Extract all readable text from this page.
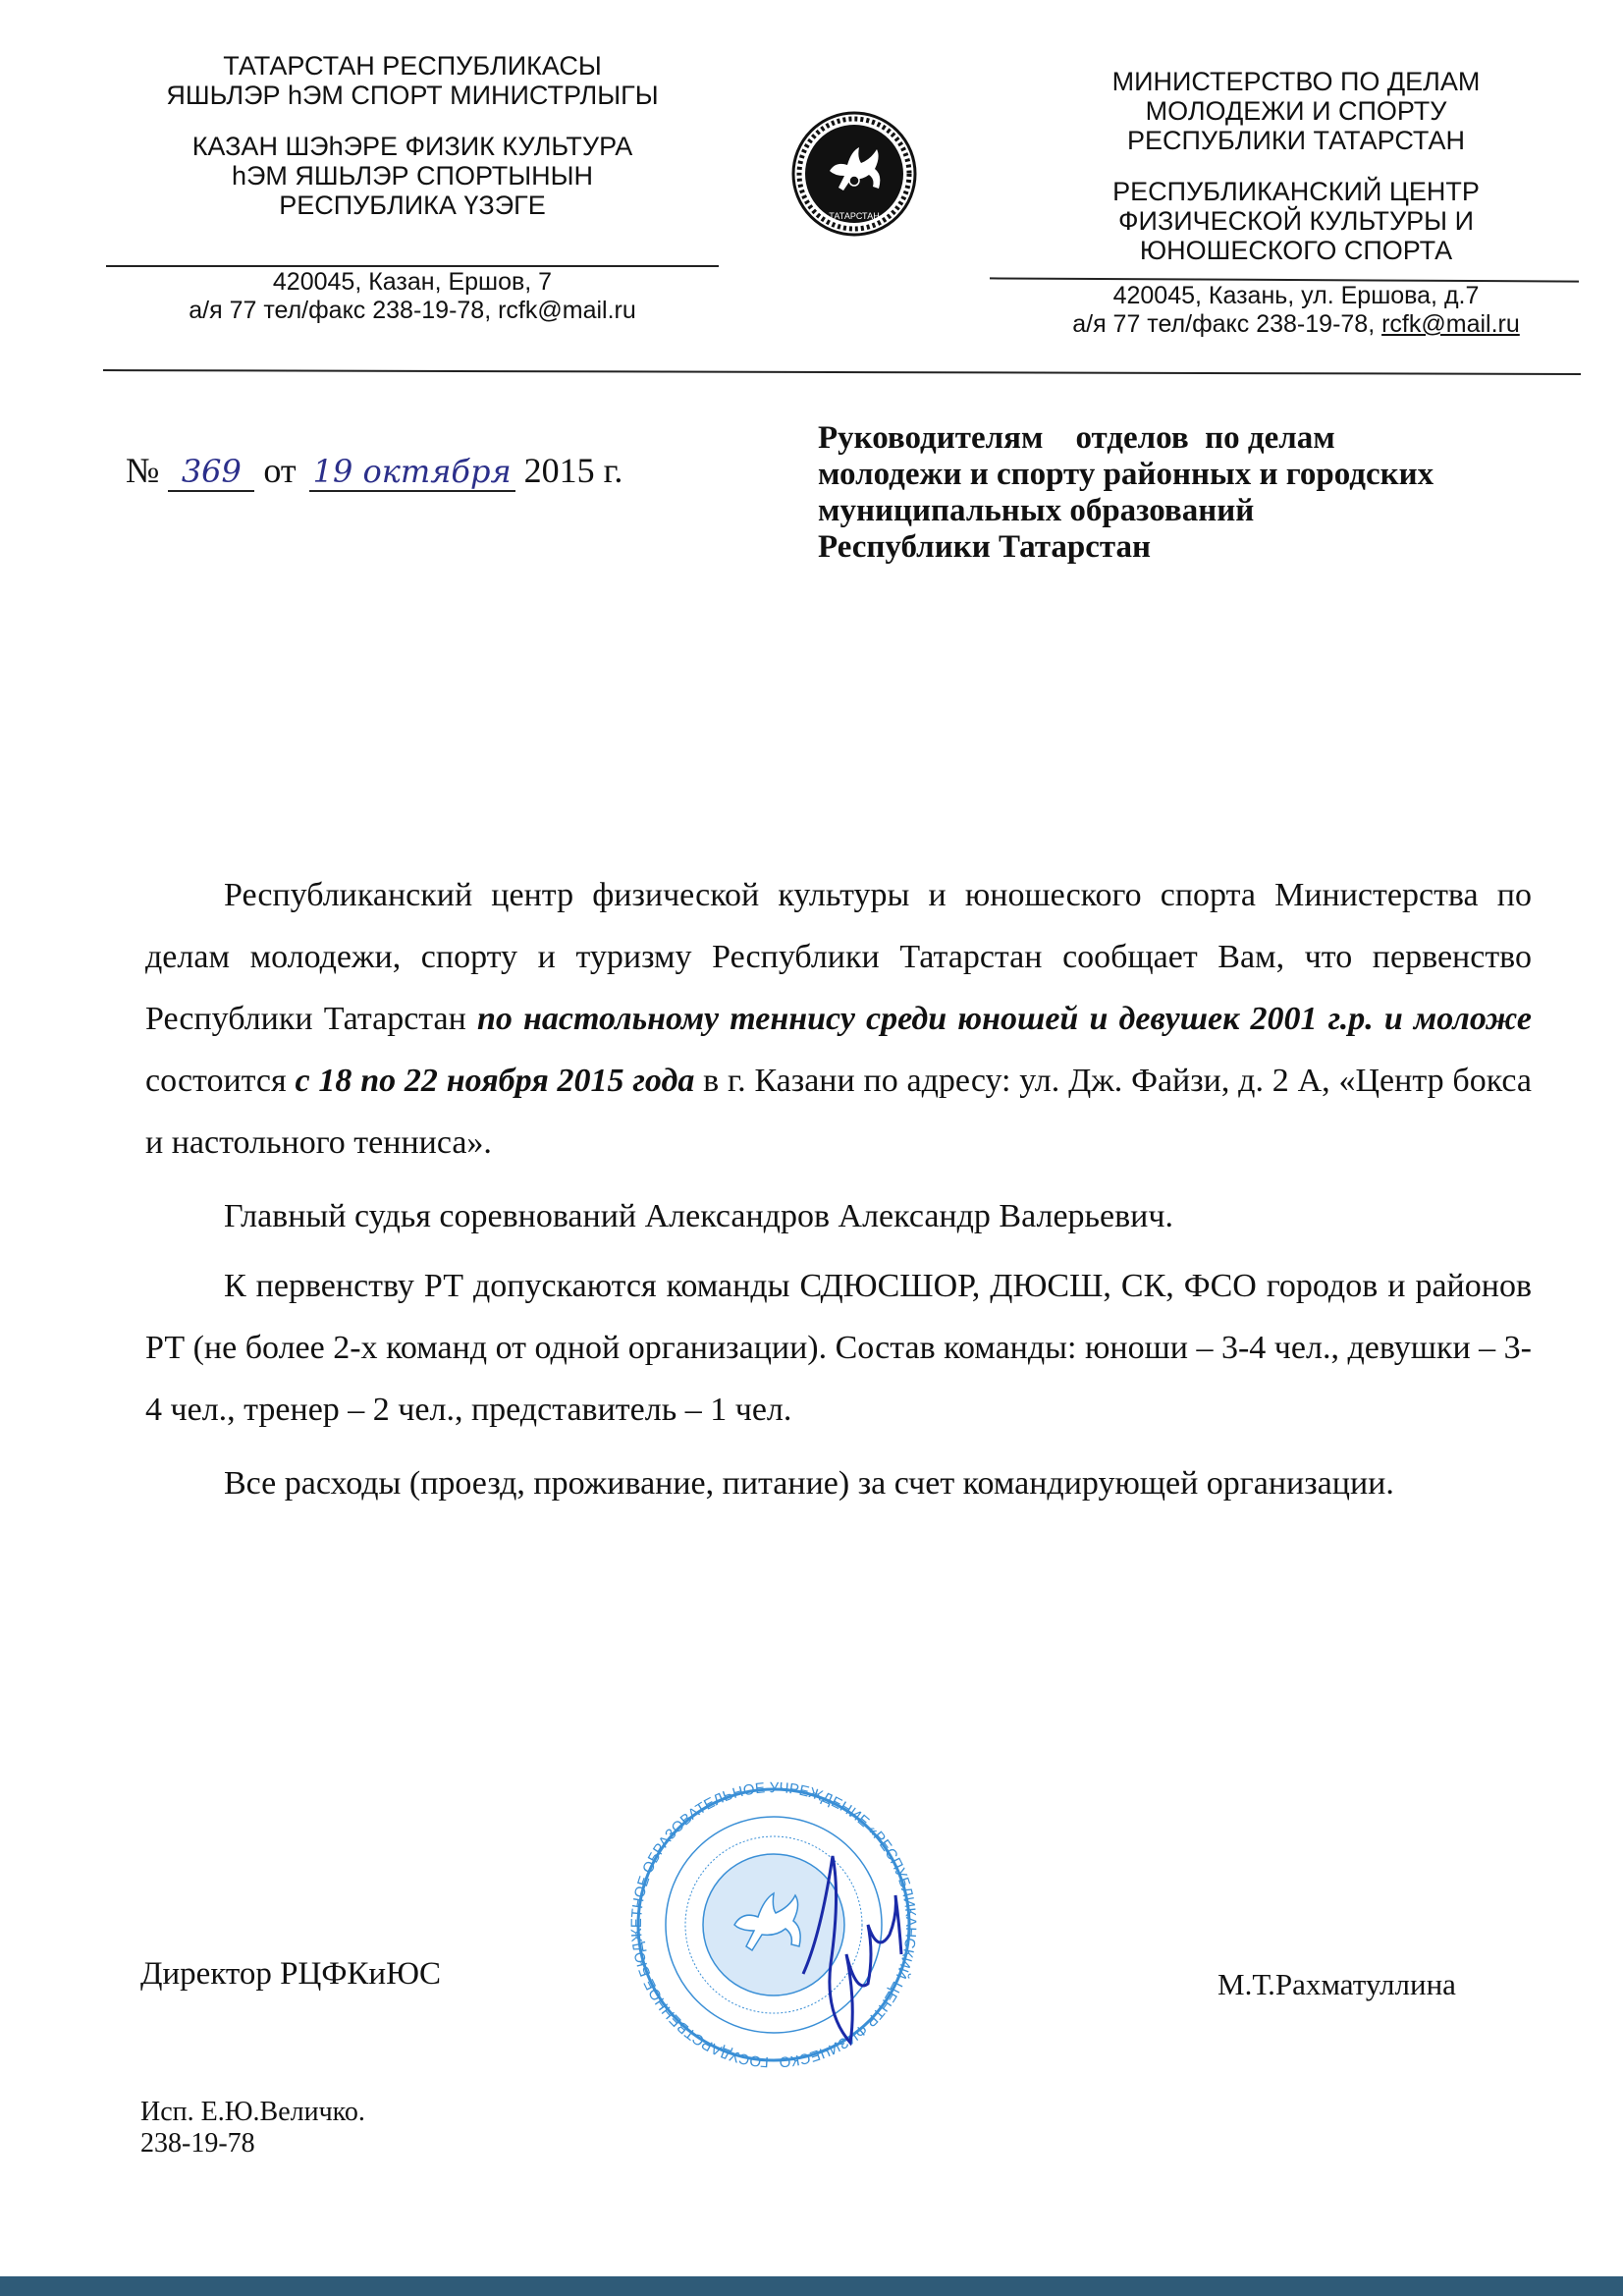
ТАТАРСТАН РЕСПУБЛИКАСЫ
ЯШЬЛЭР hЭМ СПОРТ МИНИСТРЛЫГЫ
КАЗАН ШЭhЭРЕ ФИЗИК КУЛЬТУРА
hЭМ ЯШЬЛЭР СПОРТЫНЫН
РЕСПУБЛИКА ҮЗЭГЕ
420045, Казан, Ершов, 7
а/я 77 тел/факс 238-19-78, rcfk@mail.ru
ТАТАРСТАН
МИНИСТЕРСТВО ПО ДЕЛАМ
МОЛОДЕЖИ И СПОРТУ
РЕСПУБЛИКИ ТАТАРСТАН
РЕСПУБЛИКАНСКИЙ ЦЕНТР
ФИЗИЧЕСКОЙ КУЛЬТУРЫ И
ЮНОШЕСКОГО СПОРТА
420045, Казань, ул. Ершова, д.7
а/я 77 тел/факс 238-19-78, rcfk@mail.ru
№ 369 от 19 октября 2015 г.
Руководителям    отделов  по делам
молодежи и спорту районных и городских
муниципальных образований
Республики Татарстан

Республиканский центр физической культуры и юношеского спорта Министерства по делам молодежи, спорту и туризму Республики Татарстан сообщает Вам, что первенство Республики Татарстан по настольному теннису среди юношей и девушек 2001 г.р. и моложе состоится с 18 по 22 ноября 2015 года в г. Казани по адресу: ул. Дж. Файзи, д. 2 А, «Центр бокса и настольного тенниса».

Главный судья соревнований Александров Александр Валерьевич.

К первенству РТ допускаются команды СДЮСШОР, ДЮСШ, СК, ФСО городов и районов РТ (не более 2-х команд от одной организации). Состав команды: юноши – 3-4 чел., девушки – 3-4 чел., тренер – 2 чел., представитель – 1 чел.

Все расходы (проезд, проживание, питание) за счет командирующей организации.

ГОСУДАРСТВЕННОЕ БЮДЖЕТНОЕ ОБРАЗОВАТЕЛЬНОЕ УЧРЕЖДЕНИЕ «РЕСПУБЛИКАНСКИЙ ЦЕНТР ФИЗИЧЕСКО
Директор РЦФКиЮС	М.Т.Рахматуллина
Исп. Е.Ю.Величко.
238-19-78
